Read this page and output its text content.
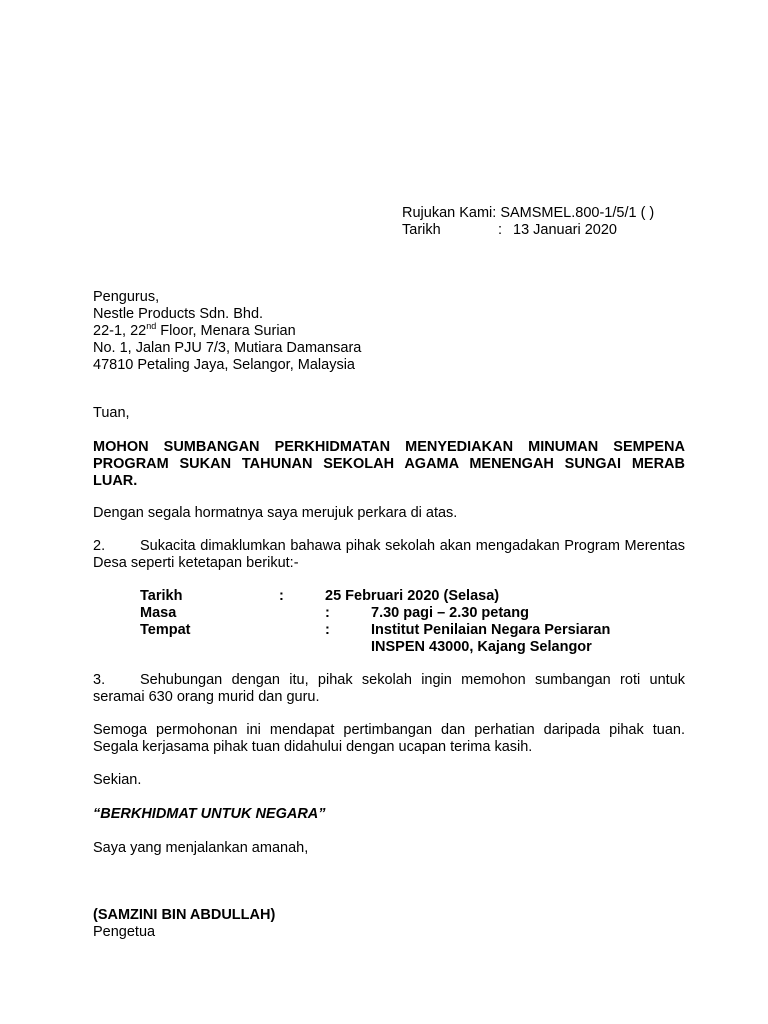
Rujukan Kami: SAMSMEL.800-1/5/1 ( )
Tarikh	: 13 Januari 2020
Pengurus,
Nestle Products Sdn. Bhd.
22-1, 22nd Floor, Menara Surian
No. 1, Jalan PJU 7/3, Mutiara Damansara
47810 Petaling Jaya, Selangor, Malaysia
Tuan,
MOHON SUMBANGAN PERKHIDMATAN MENYEDIAKAN MINUMAN SEMPENA PROGRAM SUKAN TAHUNAN SEKOLAH AGAMA MENENGAH SUNGAI MERAB LUAR.
Dengan segala hormatnya saya merujuk perkara di atas.
2. Sukacita dimaklumkan bahawa pihak sekolah akan mengadakan Program Merentas Desa seperti ketetapan berikut:-
Tarikh	:	25 Februari 2020 (Selasa)
Masa	:	7.30 pagi – 2.30 petang
Tempat	:	Institut Penilaian Negara Persiaran
INSPEN 43000, Kajang Selangor
3. Sehubungan dengan itu, pihak sekolah ingin memohon sumbangan roti untuk seramai 630 orang murid dan guru.
Semoga permohonan ini mendapat pertimbangan dan perhatian daripada pihak tuan. Segala kerjasama pihak tuan didahului dengan ucapan terima kasih.
Sekian.
“BERKHIDMAT UNTUK NEGARA”
Saya yang menjalankan amanah,
(SAMZINI BIN ABDULLAH)
Pengetua
